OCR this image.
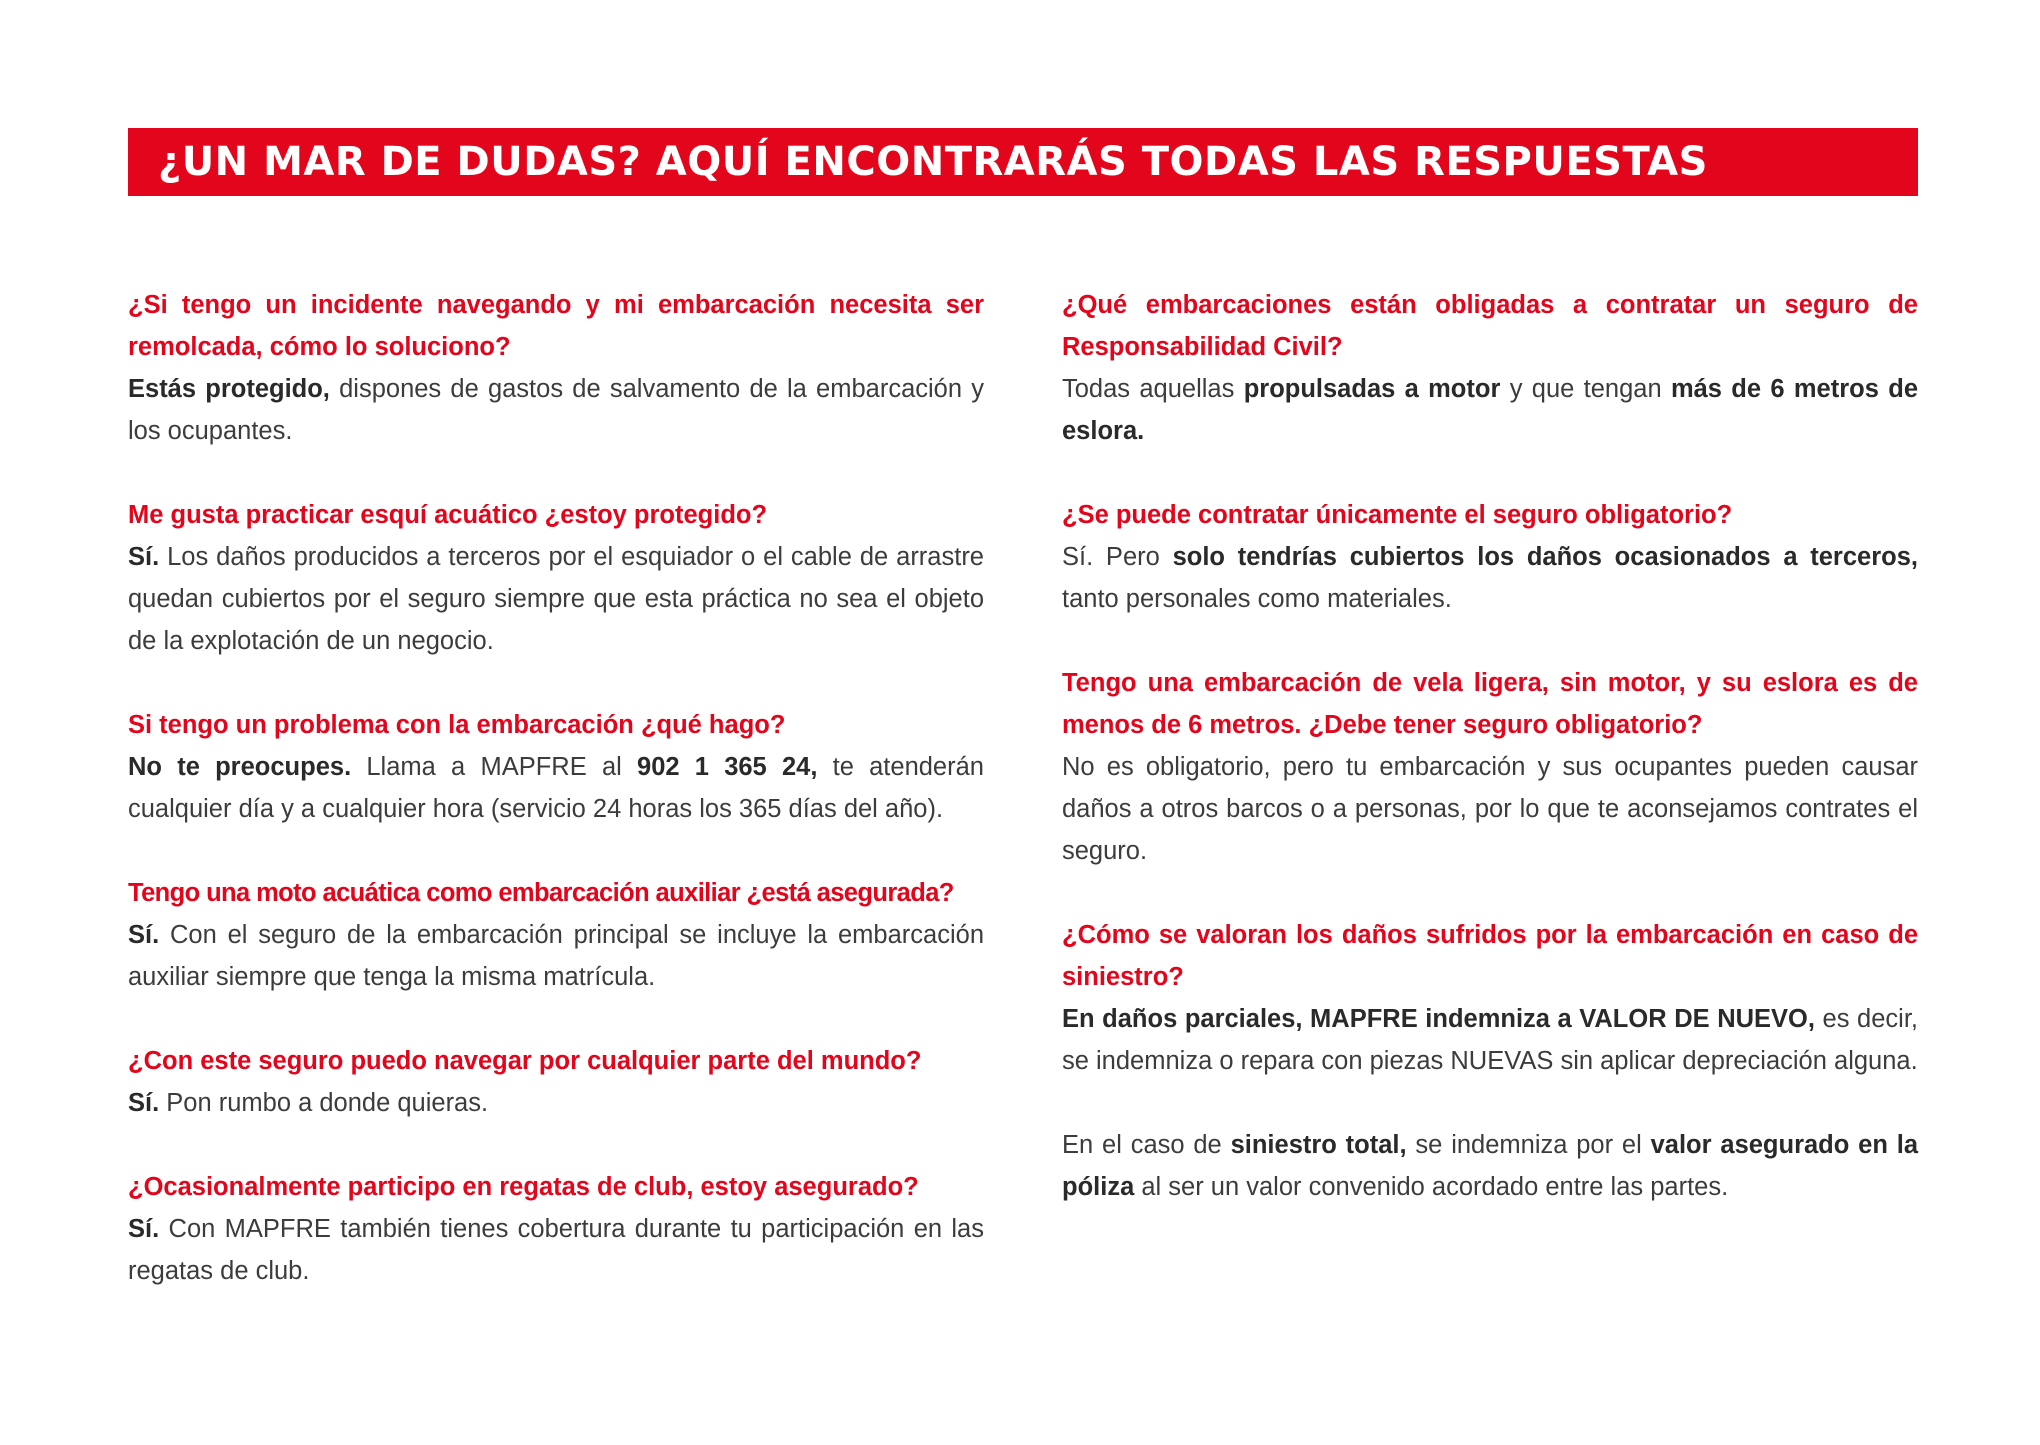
¿UN MAR DE DUDAS? AQUÍ ENCONTRARÁS TODAS LAS RESPUESTAS

¿Si tengo un incidente navegando y mi embarcación necesita ser remolcada, cómo lo soluciono?

Estás protegido, dispones de gastos de salvamento de la embarcación y los ocupantes.

Me gusta practicar esquí acuático ¿estoy protegido?

Sí. Los daños producidos a terceros por el esquiador o el cable de arrastre quedan cubiertos por el seguro siempre que esta práctica no sea el objeto de la explotación de un negocio.

Si tengo un problema con la embarcación ¿qué hago?

No te preocupes. Llama a MAPFRE al 902 1 365 24, te atenderán cualquier día y a cualquier hora (servicio 24 horas los 365 días del año).

Tengo una moto acuática como embarcación auxiliar ¿está asegurada?

Sí. Con el seguro de la embarcación principal se incluye la embarcación auxiliar siempre que tenga la misma matrícula.

¿Con este seguro puedo navegar por cualquier parte del mundo?

Sí. Pon rumbo a donde quieras.

¿Ocasionalmente participo en regatas de club, estoy asegurado?

Sí. Con MAPFRE también tienes cobertura durante tu participación en las regatas de club.

¿Qué embarcaciones están obligadas a contratar un seguro de Responsabilidad Civil?

Todas aquellas propulsadas a motor y que tengan más de 6 metros de eslora.

¿Se puede contratar únicamente el seguro obligatorio?

Sí. Pero solo tendrías cubiertos los daños ocasionados a terceros, tanto personales como materiales.

Tengo una embarcación de vela ligera, sin motor, y su eslora es de menos de 6 metros. ¿Debe tener seguro obligatorio?

No es obligatorio, pero tu embarcación y sus ocupantes pueden causar daños a otros barcos o a personas, por lo que te aconsejamos contrates el seguro.

¿Cómo se valoran los daños sufridos por la embarcación en caso de siniestro?

En daños parciales, MAPFRE indemniza a VALOR DE NUEVO, es decir, se indemniza o repara con piezas NUEVAS sin aplicar depreciación alguna.

En el caso de siniestro total, se indemniza por el valor asegurado en la póliza al ser un valor convenido acordado entre las partes.
